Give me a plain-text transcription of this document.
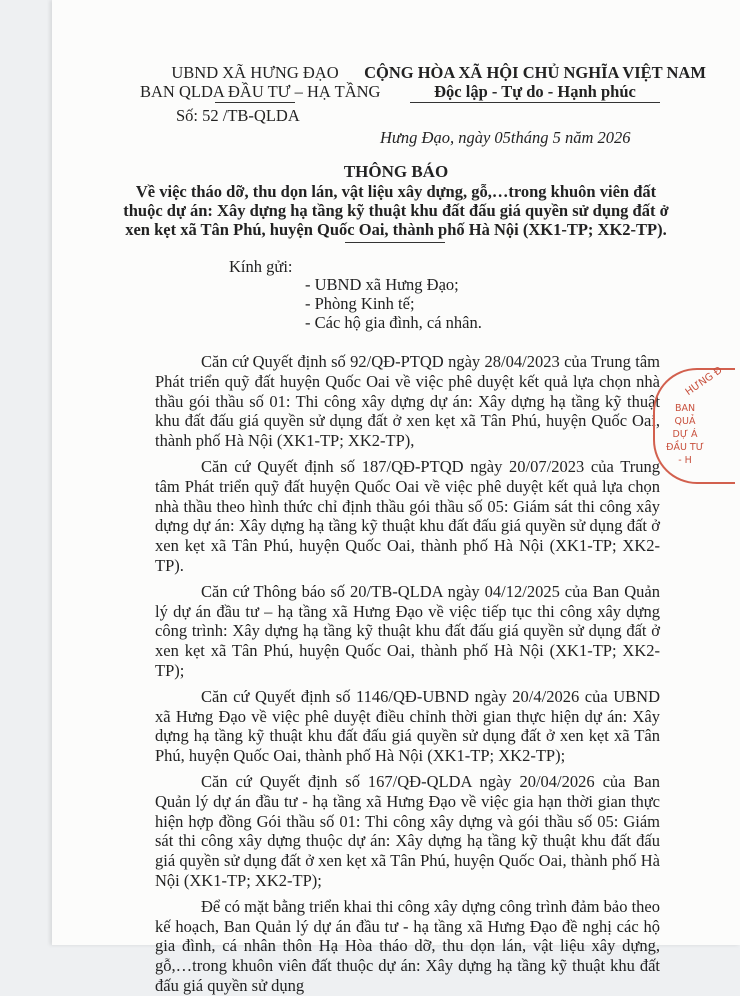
UBND XÃ HƯNG ĐẠO
BAN QLDA ĐẦU TƯ – HẠ TẦNG
Số: 52 /TB-QLDA
CỘNG HÒA XÃ HỘI CHỦ NGHĨA VIỆT NAM
Độc lập - Tự do - Hạnh phúc
Hưng Đạo, ngày 05tháng 5 năm 2026
THÔNG BÁO
Về việc tháo dỡ, thu dọn lán, vật liệu xây dựng, gỗ,…trong khuôn viên đất
thuộc dự án: Xây dựng hạ tầng kỹ thuật khu đất đấu giá quyền sử dụng đất ở
xen kẹt xã Tân Phú, huyện Quốc Oai, thành phố Hà Nội (XK1-TP; XK2-TP).
Kính gửi:
- UBND xã Hưng Đạo;
- Phòng Kinh tế;
- Các hộ gia đình, cá nhân.

Căn cứ Quyết định số 92/QĐ-PTQD ngày 28/04/2023 của Trung tâm Phát triển quỹ đất huyện Quốc Oai về việc phê duyệt kết quả lựa chọn nhà thầu gói thầu số 01: Thi công xây dựng dự án: Xây dựng hạ tầng kỹ thuật khu đất đấu giá quyền sử dụng đất ở xen kẹt xã Tân Phú, huyện Quốc Oai, thành phố Hà Nội (XK1-TP; XK2-TP),

Căn cứ Quyết định số 187/QĐ-PTQD ngày 20/07/2023 của Trung tâm Phát triển quỹ đất huyện Quốc Oai về việc phê duyệt kết quả lựa chọn nhà thầu theo hình thức chỉ định thầu gói thầu số 05: Giám sát thi công xây dựng dự án: Xây dựng hạ tầng kỹ thuật khu đất đấu giá quyền sử dụng đất ở xen kẹt xã Tân Phú, huyện Quốc Oai, thành phố Hà Nội (XK1-TP; XK2-TP).

Căn cứ Thông báo số 20/TB-QLDA ngày 04/12/2025 của Ban Quản lý dự án đầu tư – hạ tầng xã Hưng Đạo về việc tiếp tục thi công xây dựng công trình: Xây dựng hạ tầng kỹ thuật khu đất đấu giá quyền sử dụng đất ở xen kẹt xã Tân Phú, huyện Quốc Oai, thành phố Hà Nội (XK1-TP; XK2-TP);

Căn cứ Quyết định số 1146/QĐ-UBND ngày 20/4/2026 của UBND xã Hưng Đạo về việc phê duyệt điều chỉnh thời gian thực hiện dự án: Xây dựng hạ tầng kỹ thuật khu đất đấu giá quyền sử dụng đất ở xen kẹt xã Tân Phú, huyện Quốc Oai, thành phố Hà Nội (XK1-TP; XK2-TP);

Căn cứ Quyết định số 167/QĐ-QLDA ngày 20/04/2026 của Ban Quản lý dự án đầu tư - hạ tầng xã Hưng Đạo về việc gia hạn thời gian thực hiện hợp đồng Gói thầu số 01: Thi công xây dựng và gói thầu số 05: Giám sát thi công xây dựng thuộc dự án: Xây dựng hạ tầng kỹ thuật khu đất đấu giá quyền sử dụng đất ở xen kẹt xã Tân Phú, huyện Quốc Oai, thành phố Hà Nội (XK1-TP; XK2-TP);

Để có mặt bằng triển khai thi công xây dựng công trình đảm bảo theo kế hoạch, Ban Quản lý dự án đầu tư - hạ tầng xã Hưng Đạo đề nghị các hộ gia đình, cá nhân thôn Hạ Hòa tháo dỡ, thu dọn lán, vật liệu xây dựng, gỗ,…trong khuôn viên đất thuộc dự án: Xây dựng hạ tầng kỹ thuật khu đất đấu giá quyền sử dụng

HƯNG Đ
BAN QUẢ
DỰ Á
ĐẦU TƯ - H
